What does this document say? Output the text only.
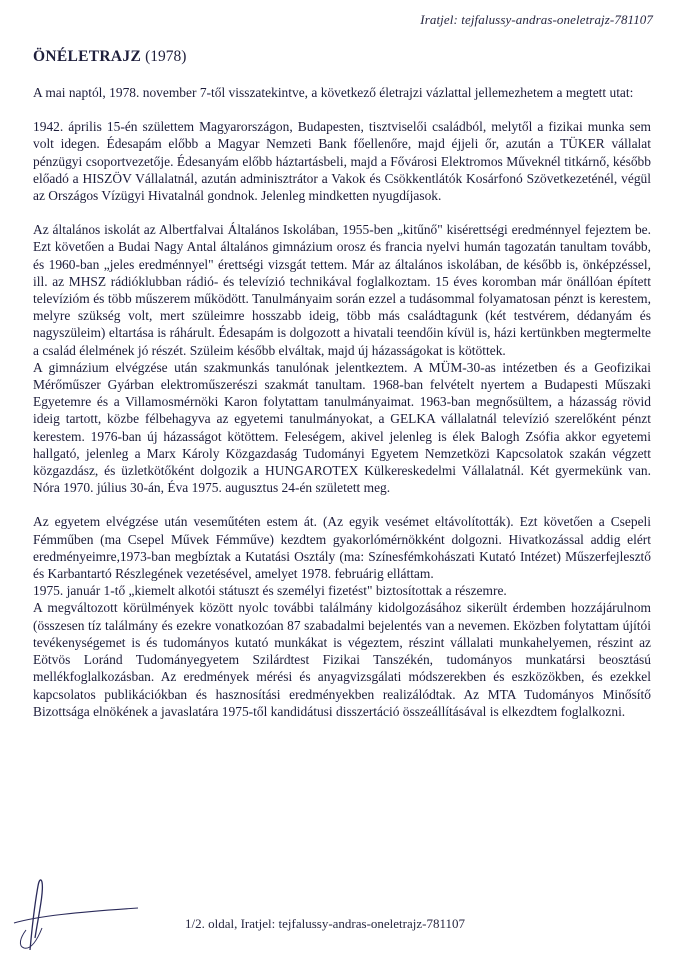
Iratjel: tejfalussy-andras-oneletrajz-781107
ÖNÉLETRAJZ (1978)

A mai naptól, 1978. november 7-től visszatekintve, a következő életrajzi vázlattal jellemezhetem a megtett utat:

1942. április 15-én születtem Magyarországon, Budapesten, tisztviselői családból, melytől a fizikai munka sem volt idegen. Édesapám előbb a Magyar Nemzeti Bank főellenőre, majd éjjeli őr, azután a TÜKER vállalat pénzügyi csoportvezetője. Édesanyám előbb háztartásbeli, majd a Fővárosi Elektromos Műveknél titkárnő, később előadó a HISZÖV Vállalatnál, azután adminisztrátor a Vakok és Csökkentlátók Kosárfonó Szövetkezeténél, végül az Országos Vízügyi Hivatalnál gondnok. Jelenleg mindketten nyugdíjasok.

Az általános iskolát az Albertfalvai Általános Iskolában, 1955-ben „kitűnő" kisérettségi eredménnyel fejeztem be. Ezt követően a Budai Nagy Antal általános gimnázium orosz és francia nyelvi humán tagozatán tanultam tovább, és 1960-ban „jeles eredménnyel" érettségi vizsgát tettem. Már az általános iskolában, de később is, önképzéssel, ill. az MHSZ rádióklubban rádió- és televízió technikával foglalkoztam. 15 éves koromban már önállóan épített televízióm és több műszerem működött. Tanulmányaim során ezzel a tudásommal folyamatosan pénzt is kerestem, melyre szükség volt, mert szüleimre hosszabb ideig, több más családtagunk (két testvérem, dédanyám és nagyszüleim) eltartása is ráhárult. Édesapám is dolgozott a hivatali teendőin kívül is, házi kertünkben megtermelte a család élelmének jó részét. Szüleim később elváltak, majd új házasságokat is kötöttek.

A gimnázium elvégzése után szakmunkás tanulónak jelentkeztem. A MÜM-30-as intézetben és a Geofizikai Mérőműszer Gyárban elektroműszerészi szakmát tanultam. 1968-ban felvételt nyertem a Budapesti Műszaki Egyetemre és a Villamosmérnöki Karon folytattam tanulmányaimat. 1963-ban megnősültem, a házasság rövid ideig tartott, közbe félbehagyva az egyetemi tanulmányokat, a GELKA vállalatnál televízió szerelőként pénzt kerestem. 1976-ban új házasságot kötöttem. Feleségem, akivel jelenleg is élek Balogh Zsófia akkor egyetemi hallgató, jelenleg a Marx Károly Közgazdaság Tudományi Egyetem Nemzetközi Kapcsolatok szakán végzett közgazdász, és üzletkötőként dolgozik a HUNGAROTEX Külkereskedelmi Vállalatnál. Két gyermekünk van. Nóra 1970. július 30-án, Éva 1975. augusztus 24-én született meg.

Az egyetem elvégzése után veseműtéten estem át. (Az egyik vesémet eltávolították). Ezt követően a Csepeli Fémműben (ma Csepel Művek Fémműve) kezdtem gyakorlómérnökként dolgozni. Hivatkozással addig elért eredményeimre,1973-ban megbíztak a Kutatási Osztály (ma: Színesfémkohászati Kutató Intézet) Műszerfejlesztő és Karbantartó Részlegének vezetésével, amelyet 1978. februárig elláttam.

1975. január 1-tő „kiemelt alkotói státuszt és személyi fizetést" biztosítottak a részemre.

A megváltozott körülmények között nyolc további találmány kidolgozásához sikerült érdemben hozzájárulnom (összesen tíz találmány és ezekre vonatkozóan 87 szabadalmi bejelentés van a nevemen. Eközben folytattam újítói tevékenységemet is és tudományos kutató munkákat is végeztem, részint vállalati munkahelyemen, részint az Eötvös Loránd Tudományegyetem Szilárdtest Fizikai Tanszékén, tudományos munkatársi beosztású mellékfoglalkozásban. Az eredmények mérési és anyagvizsgálati módszerekben és eszközökben, és ezekkel kapcsolatos publikációkban és hasznosítási eredményekben realizálódtak. Az MTA Tudományos Minősítő Bizottsága elnökének a javaslatára 1975-től kandidátusi disszertáció összeállításával is elkezdtem foglalkozni.

1/2. oldal, Iratjel: tejfalussy-andras-oneletrajz-781107
